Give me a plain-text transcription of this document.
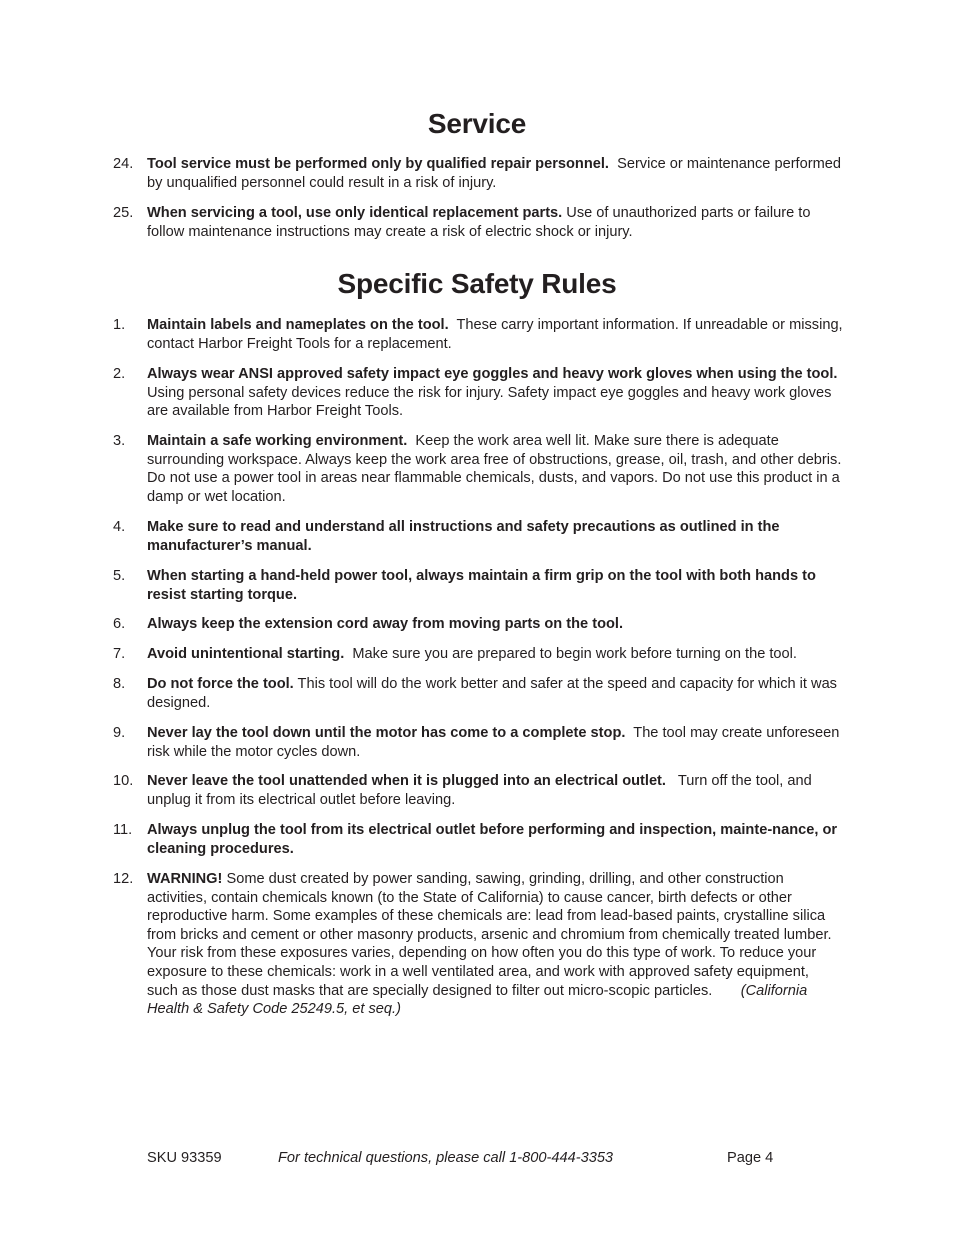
Service
24. Tool service must be performed only by qualified repair personnel. Service or maintenance performed by unqualified personnel could result in a risk of injury.
25. When servicing a tool, use only identical replacement parts. Use of unauthorized parts or failure to follow maintenance instructions may create a risk of electric shock or injury.
Specific Safety Rules
1. Maintain labels and nameplates on the tool. These carry important information. If unreadable or missing, contact Harbor Freight Tools for a replacement.
2. Always wear ANSI approved safety impact eye goggles and heavy work gloves when using the tool.  Using personal safety devices reduce the risk for injury. Safety impact eye goggles and heavy work gloves are available from Harbor Freight Tools.
3. Maintain a safe working environment. Keep the work area well lit. Make sure there is adequate surrounding workspace. Always keep the work area free of obstructions, grease, oil, trash, and other debris. Do not use a power tool in areas near flammable chemicals, dusts, and vapors. Do not use this product in a damp or wet location.
4. Make sure to read and understand all instructions and safety precautions as outlined in the manufacturer’s manual.
5. When starting a hand-held power tool, always maintain a firm grip on the tool with both hands to resist starting torque.
6. Always keep the extension cord away from moving parts on the tool.
7. Avoid unintentional starting. Make sure you are prepared to begin work before turning on the tool.
8. Do not force the tool. This tool will do the work better and safer at the speed and capacity for which it was designed.
9. Never lay the tool down until the motor has come to a complete stop. The tool may create unforeseen risk while the motor cycles down.
10. Never leave the tool unattended when it is plugged into an electrical outlet. Turn off the tool, and unplug it from its electrical outlet before leaving.
11. Always unplug the tool from its electrical outlet before performing and inspection, mainte-nance, or cleaning procedures.
12. WARNING! Some dust created by power sanding, sawing, grinding, drilling, and other construction activities, contain chemicals known (to the State of California) to cause cancer, birth defects or other reproductive harm. Some examples of these chemicals are: lead from lead-based paints, crystalline silica from bricks and cement or other masonry products, arsenic and chromium from chemically treated lumber. Your risk from these exposures varies, depending on how often you do this type of work. To reduce your exposure to these chemicals: work in a well ventilated area, and work with approved safety equipment, such as those dust masks that are specially designed to filter out micro-scopic particles. (California Health & Safety Code 25249.5, et seq.)
SKU 93359	For technical questions, please call 1-800-444-3353	Page 4
